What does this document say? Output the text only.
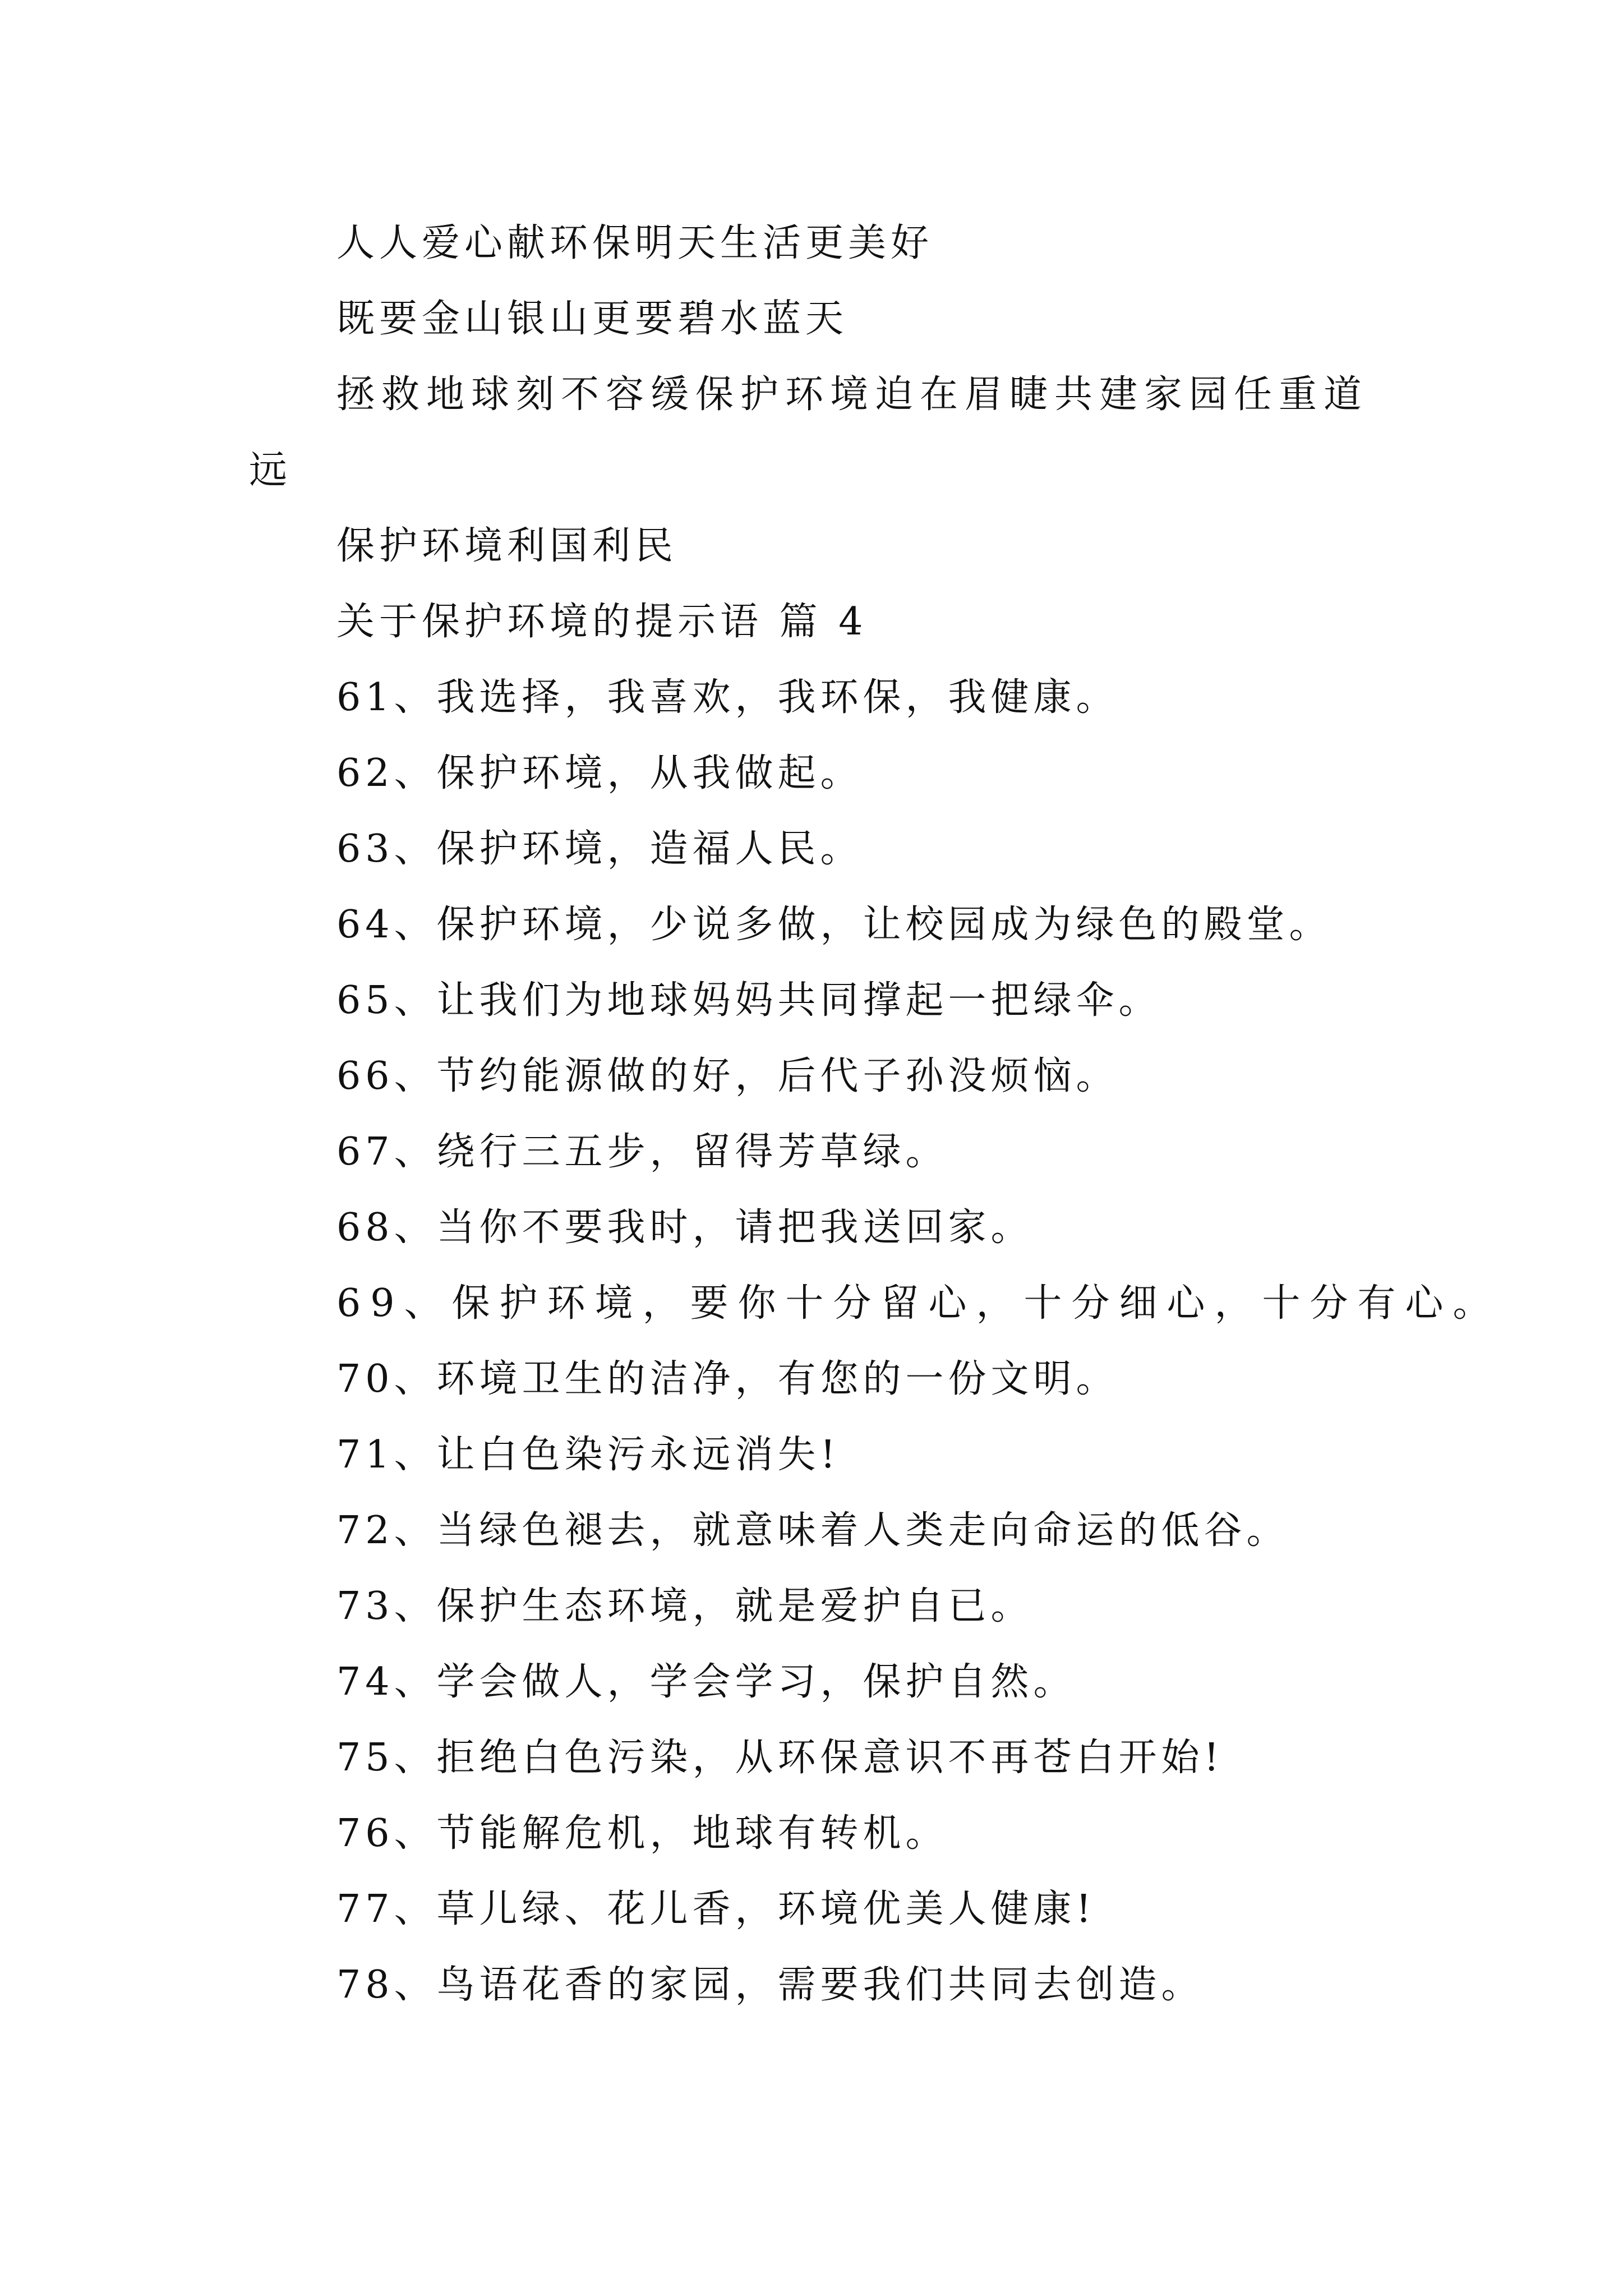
人人爱心献环保明天生活更美好
既要金山银山更要碧水蓝天
拯救地球刻不容缓保护环境迫在眉睫共建家园任重道
远
保护环境利国利民
关于保护环境的提示语 篇 4
61、我选择，我喜欢，我环保，我健康。
62、保护环境，从我做起。
63、保护环境，造福人民。
64、保护环境，少说多做，让校园成为绿色的殿堂。
65、让我们为地球妈妈共同撑起一把绿伞。
66、节约能源做的好，后代子孙没烦恼。
67、绕行三五步，留得芳草绿。
68、当你不要我时，请把我送回家。
69、保护环境，要你十分留心，十分细心，十分有心。
70、环境卫生的洁净，有您的一份文明。
71、让白色染污永远消失!
72、当绿色褪去，就意味着人类走向命运的低谷。
73、保护生态环境，就是爱护自已。
74、学会做人，学会学习，保护自然。
75、拒绝白色污染，从环保意识不再苍白开始!
76、节能解危机，地球有转机。
77、草儿绿、花儿香，环境优美人健康!
78、鸟语花香的家园，需要我们共同去创造。
